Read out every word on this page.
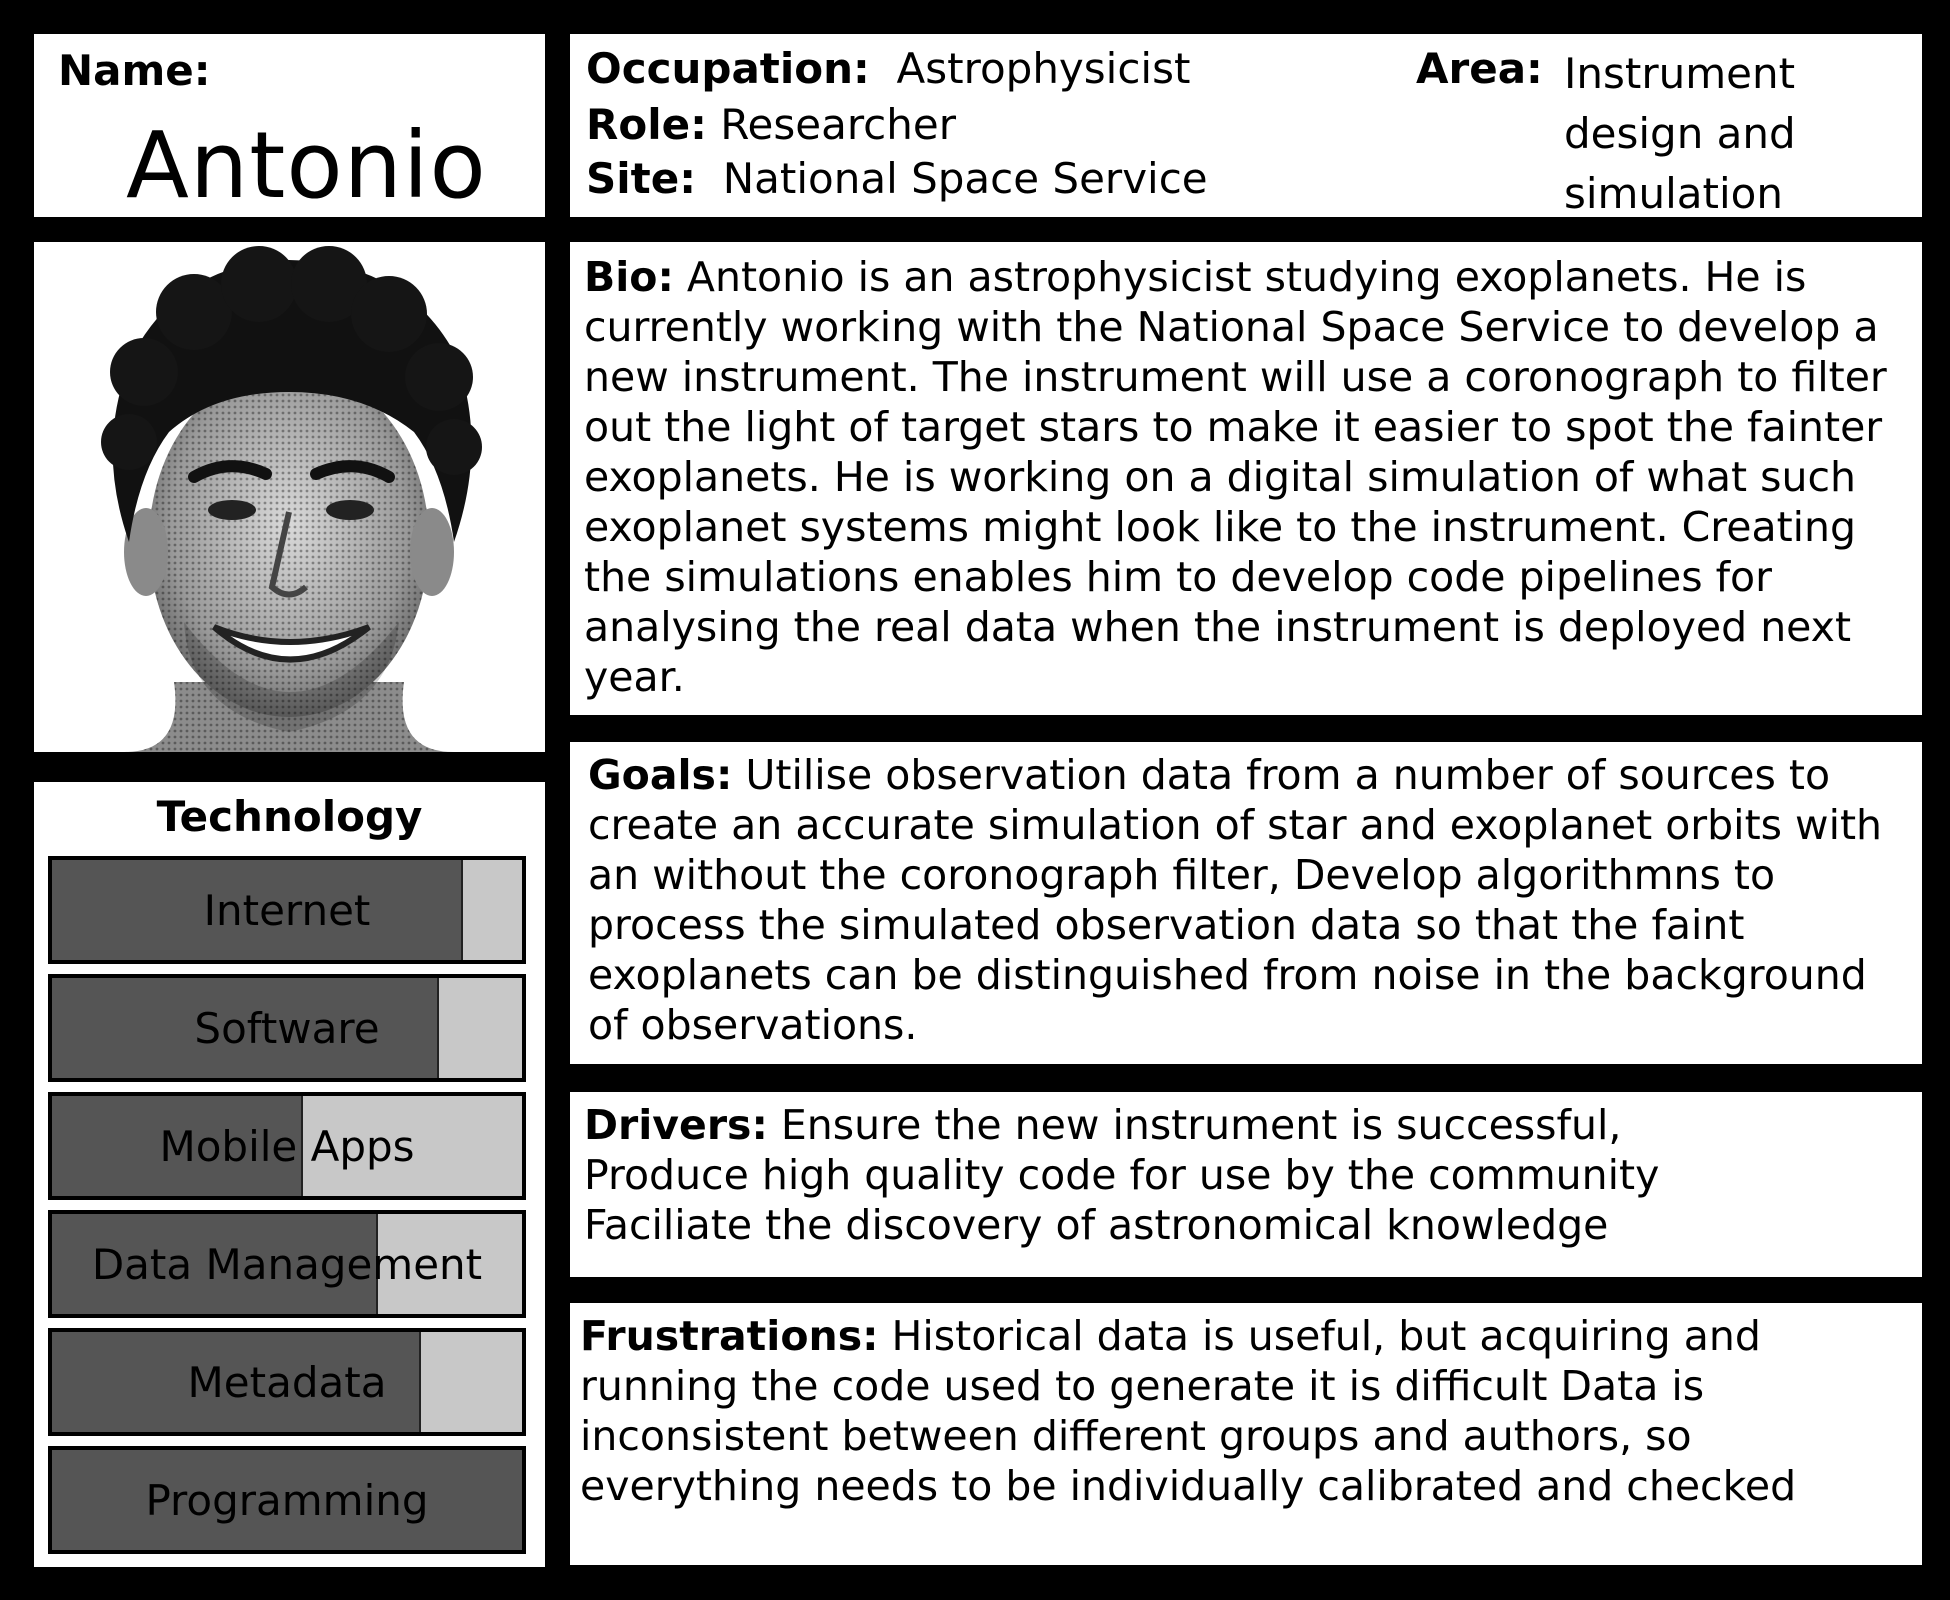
Name:
Antonio
Occupation: Astrophysicist
Role: Researcher
Site: National Space Service
Area: Instrument design and simulation
Bio: Antonio is an astrophysicist studying exoplanets. He is currently working with the National Space Service to develop a new instrument. The instrument will use a coronograph to filter out the light of target stars to make it easier to spot the fainter exoplanets. He is working on a digital simulation of what such exoplanet systems might look like to the instrument. Creating the simulations enables him to develop code pipelines for analysing the real data when the instrument is deployed next year.
Goals: Utilise observation data from a number of sources to create an accurate simulation of star and exoplanet orbits with an without the coronograph filter, Develop algorithmns to process the simulated observation data so that the faint exoplanets can be distinguished from noise in the background of observations.
Drivers: Ensure the new instrument is successful,
Produce high quality code for use by the community
Faciliate the discovery of astronomical knowledge
Frustrations: Historical data is useful, but acquiring and running the code used to generate it is difficult Data is inconsistent between different groups and authors, so everything needs to be individually calibrated and checked
Technology
Internet
Software
Mobile Apps
Data Management
Metadata
Programming
